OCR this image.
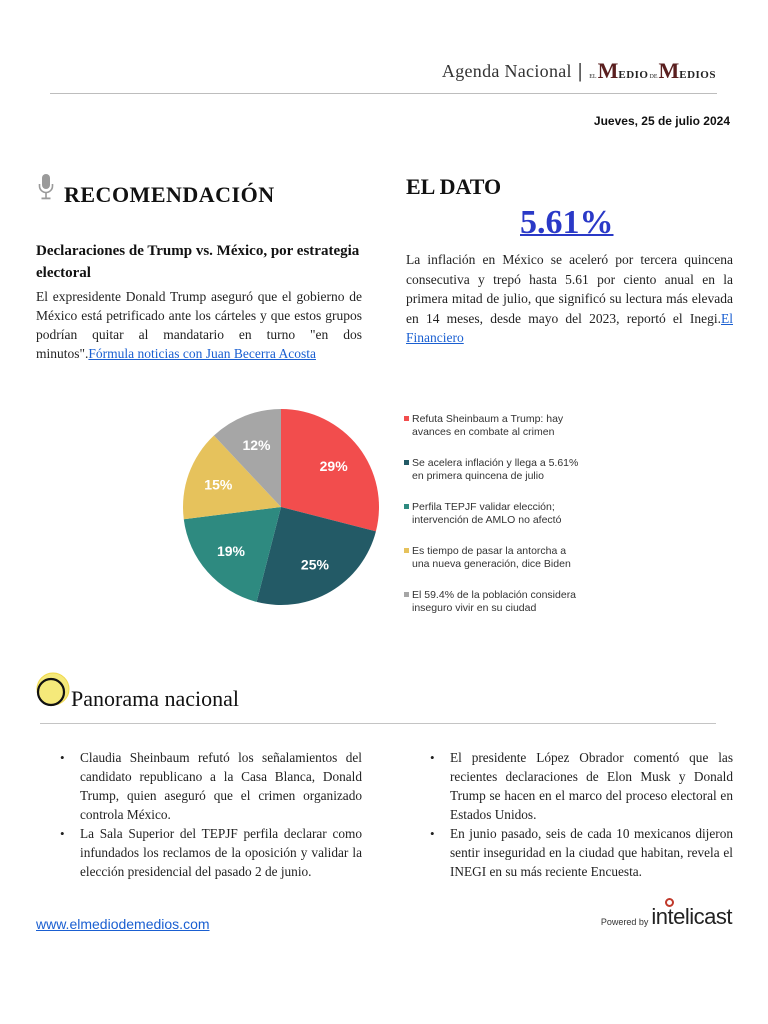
Agenda Nacional | EL M EDIO DE M EDIOS
Jueves, 25 de julio 2024
RECOMENDACIÓN
Declaraciones de Trump vs. México, por estrategia electoral
El expresidente Donald Trump aseguró que el gobierno de México está petrificado ante los cárteles y que estos grupos podrían quitar al mandatario en turno "en dos minutos".Fórmula noticias con Juan Becerra Acosta
EL DATO
5.61%
La inflación en México se aceleró por tercera quincena consecutiva y trepó hasta 5.61 por ciento anual en la primera mitad de julio, que significó su lectura más elevada en 14 meses, desde mayo del 2023, reportó el Inegi.El Financiero
29%
25%
19%
15%
12%
Refuta Sheinbaum a Trump: hay
avances en combate al crimen
Se acelera inflación y llega a 5.61%
en primera quincena de julio
Perfila TEPJF validar elección;
intervención de AMLO no afectó
Es tiempo de pasar la antorcha a
una nueva generación, dice Biden
El 59.4% de la población considera
inseguro vivir en su ciudad
Panorama nacional
• Claudia Sheinbaum refutó los señalamientos del candidato republicano a la Casa Blanca, Donald Trump, quien aseguró que el crimen organizado controla México.
• La Sala Superior del TEPJF perfila declarar como infundados los reclamos de la oposición y validar la elección presidencial del pasado 2 de junio.
• El presidente López Obrador comentó que las recientes declaraciones de Elon Musk y Donald Trump se hacen en el marco del proceso electoral en Estados Unidos.
• En junio pasado, seis de cada 10 mexicanos dijeron sentir inseguridad en la ciudad que habitan, revela el INEGI en su más reciente Encuesta.
www.elmediodemedios.com	Powered by intelicast
